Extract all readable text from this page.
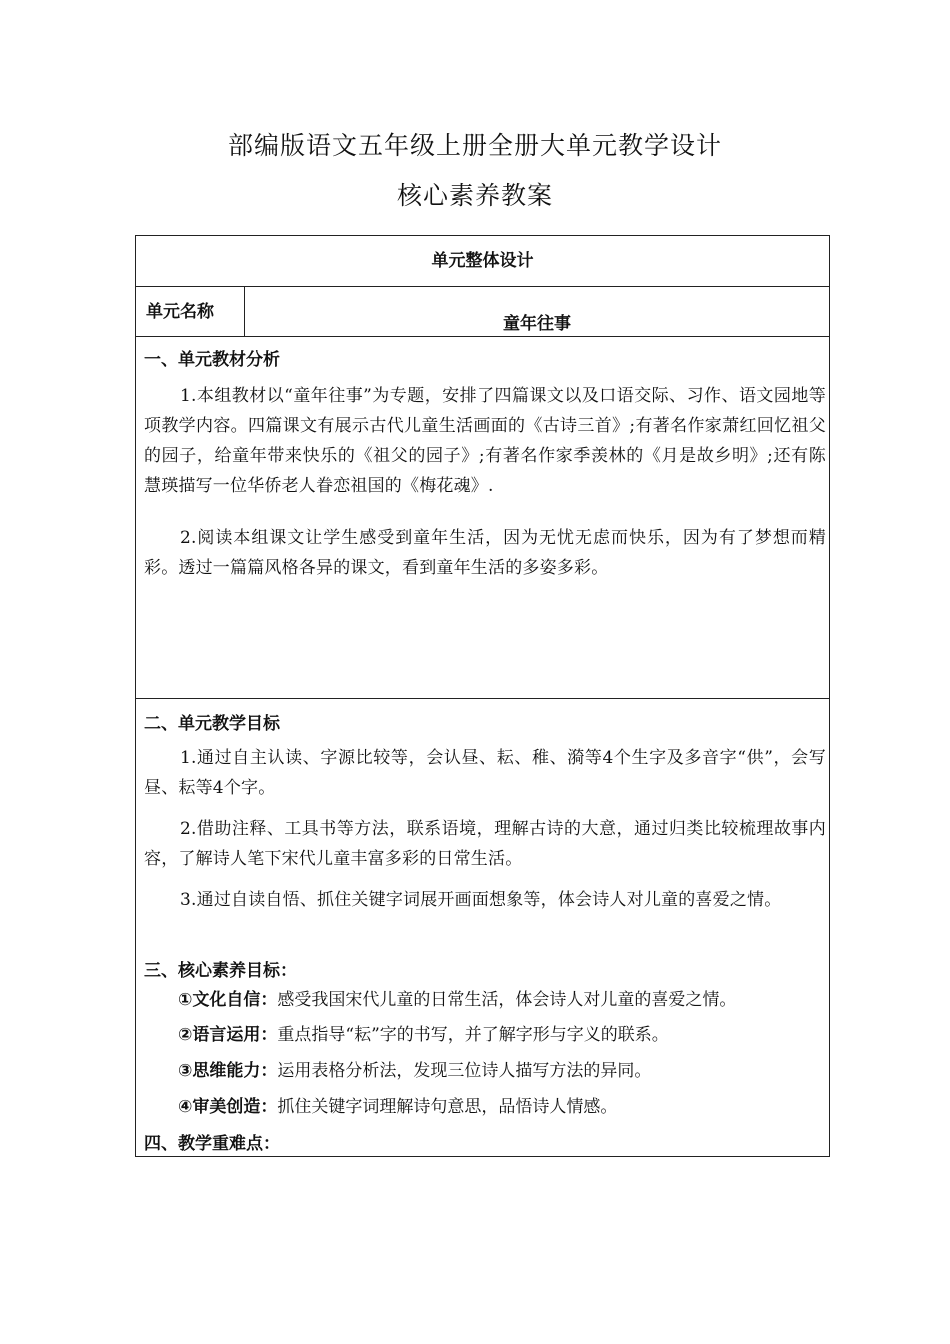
部编版语文五年级上册全册大单元教学设计
核心素养教案
单元整体设计
单元名称
童年往事
一、单元教材分析
1.本组教材以“童年往事”为专题，安排了四篇课文以及口语交际、习作、语文园地等项教学内容。四篇课文有展示古代儿童生活画面的《古诗三首》;有著名作家萧红回忆祖父的园子，给童年带来快乐的《祖父的园子》;有著名作家季羡林的《月是故乡明》;还有陈慧瑛描写一位华侨老人眷恋祖国的《梅花魂》.
2.阅读本组课文让学生感受到童年生活，因为无忧无虑而快乐，因为有了梦想而精彩。透过一篇篇风格各异的课文，看到童年生活的多姿多彩。
二、单元教学目标
1.通过自主认读、字源比较等，会认昼、耘、稚、漪等4个生字及多音字“供”，会写昼、耘等4个字。
2.借助注释、工具书等方法，联系语境，理解古诗的大意，通过归类比较梳理故事内容，了解诗人笔下宋代儿童丰富多彩的日常生活。
3.通过自读自悟、抓住关键字词展开画面想象等，体会诗人对儿童的喜爱之情。
三、核心素养目标：
①文化自信：感受我国宋代儿童的日常生活，体会诗人对儿童的喜爱之情。
②语言运用：重点指导“耘”字的书写，并了解字形与字义的联系。
③思维能力：运用表格分析法，发现三位诗人描写方法的异同。
④审美创造：抓住关键字词理解诗句意思，品悟诗人情感。
四、教学重难点：
